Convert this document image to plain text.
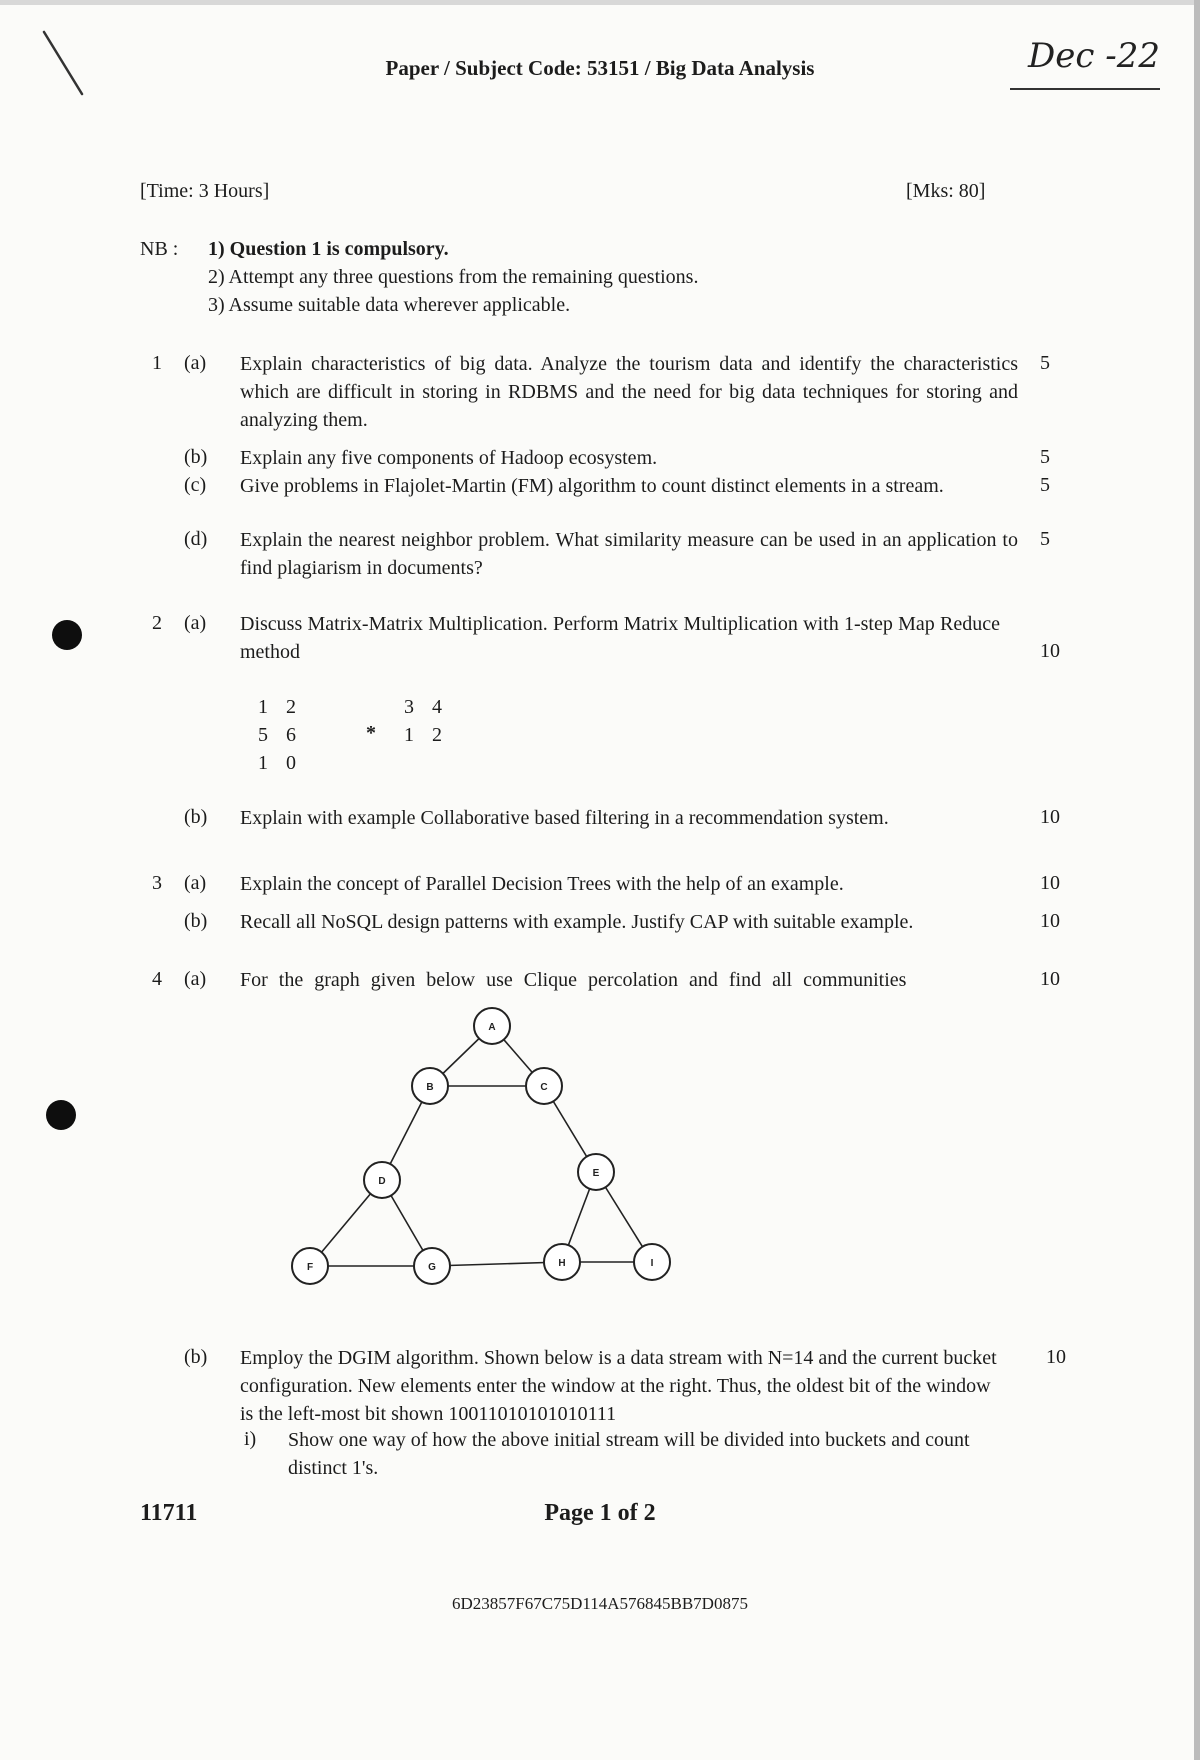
Paper / Subject Code: 53151 / Big Data Analysis	Dec -22
[Time: 3 Hours]	[Mks: 80]
NB : 1) Question 1 is compulsory.
2) Attempt any three questions from the remaining questions.
3) Assume suitable data wherever applicable.
1 (a) Explain characteristics of big data. Analyze the tourism data and identify the characteristics which are difficult in storing in RDBMS and the need for big data techniques for storing and analyzing them.
5
(b) Explain any five components of Hadoop ecosystem.	5
(c) Give problems in Flajolet-Martin (FM) algorithm to count distinct elements in a stream.	5
(d) Explain the nearest neighbor problem. What similarity measure can be used in an application to find plagiarism in documents?
5
2 (a) Discuss Matrix-Matrix Multiplication. Perform Matrix Multiplication with 1-step Map Reduce method	10
1 2
5 6
1 0
*
3 4
1 2
(b) Explain with example Collaborative based filtering in a recommendation system.	10
3 (a) Explain the concept of Parallel Decision Trees with the help of an example.	10
(b) Recall all NoSQL design patterns with example. Justify CAP with suitable example.	10
4 (a) For the graph given below use Clique percolation and find all communities	10
A
B	C
D
E
F	G	H	I
(b) Employ the DGIM algorithm. Shown below is a data stream with N=14 and the current bucket configuration. New elements enter the window at the right. Thus, the oldest bit of the window is the left-most bit shown 10011010101010111
10
i) Show one way of how the above initial stream will be divided into buckets and count distinct 1's.
11711	Page 1 of 2
6D23857F67C75D114A576845BB7D0875
